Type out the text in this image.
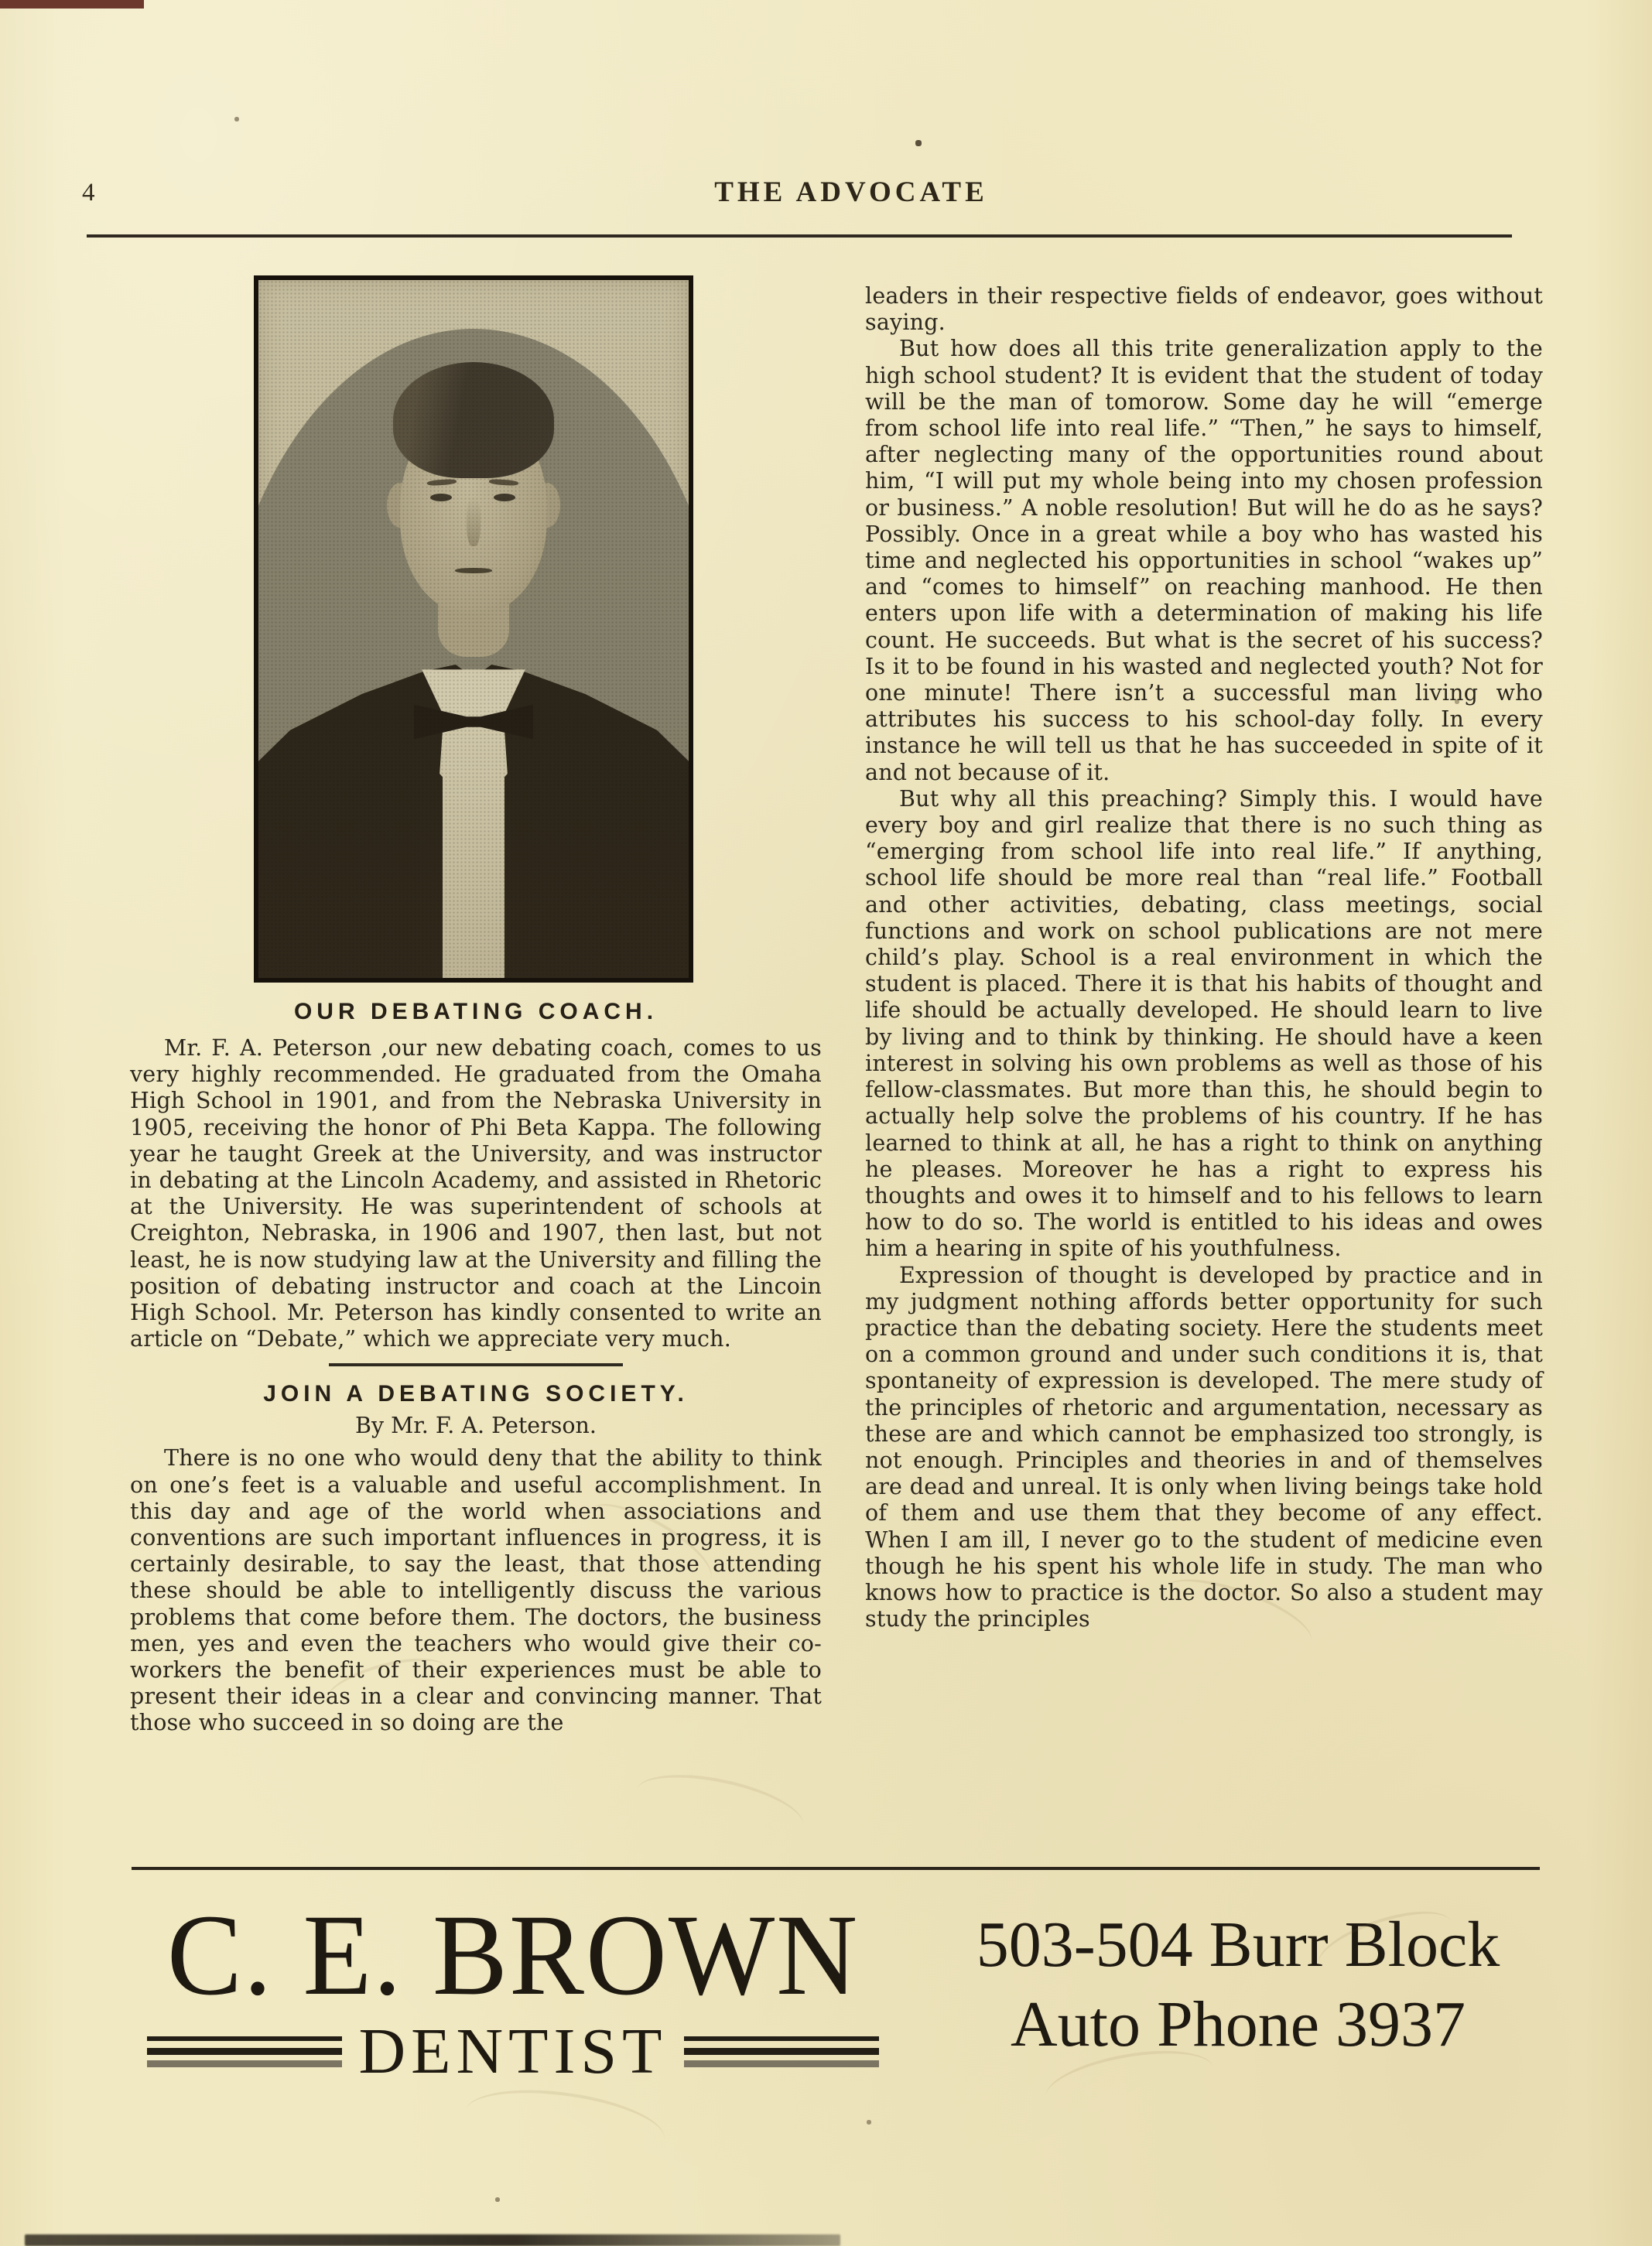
4	THE ADVOCATE
OUR DEBATING COACH.

Mr. F. A. Peterson ,our new debating coach, comes to us very highly recommended. He graduated from the Omaha High School in 1901, and from the Nebraska University in 1905, receiving the honor of Phi Beta Kappa. The following year he taught Greek at the University, and was instructor in debating at the Lincoln Academy, and assisted in Rhetoric at the University. He was superintendent of schools at Creighton, Nebraska, in 1906 and 1907, then last, but not least, he is now studying law at the University and filling the position of debating instructor and coach at the Lincoin High School. Mr. Peterson has kindly consented to write an article on “Debate,” which we appreciate very much.

JOIN A DEBATING SOCIETY.

By Mr. F. A. Peterson.

There is no one who would deny that the ability to think on one’s feet is a valuable and useful accomplishment. In this day and age of the world when associations and conventions are such important influences in progress, it is certainly desirable, to say the least, that those attending these should be able to intelligently discuss the various problems that come before them. The doctors, the business men, yes and even the teachers who would give their co-workers the benefit of their experiences must be able to present their ideas in a clear and convincing manner. That those who succeed in so doing are the

leaders in their respective fields of endeavor, goes without saying.

But how does all this trite generalization apply to the high school student? It is evident that the student of today will be the man of tomorow. Some day he will “emerge from school life into real life.” “Then,” he says to himself, after neglecting many of the opportunities round about him, “I will put my whole being into my chosen profession or business.” A noble resolution! But will he do as he says? Possibly. Once in a great while a boy who has wasted his time and neglected his opportunities in school “wakes up” and “comes to himself” on reaching manhood. He then enters upon life with a determination of making his life count. He succeeds. But what is the secret of his success? Is it to be found in his wasted and neglected youth? Not for one minute! There isn’t a successful man living who attributes his success to his school-day folly. In every instance he will tell us that he has succeeded in spite of it and not because of it.

But why all this preaching? Simply this. I would have every boy and girl realize that there is no such thing as “emerging from school life into real life.” If anything, school life should be more real than “real life.” Football and other activities, debating, class meetings, social functions and work on school publications are not mere child’s play. School is a real environment in which the student is placed. There it is that his habits of thought and life should be actually developed. He should learn to live by living and to think by thinking. He should have a keen interest in solving his own problems as well as those of his fellow-classmates. But more than this, he should begin to actually help solve the problems of his country. If he has learned to think at all, he has a right to think on anything he pleases. Moreover he has a right to express his thoughts and owes it to himself and to his fellows to learn how to do so. The world is entitled to his ideas and owes him a hearing in spite of his youthfulness.

Expression of thought is developed by practice and in my judgment nothing affords better opportunity for such practice than the debating society. Here the students meet on a common ground and under such conditions it is, that spontaneity of expression is developed. The mere study of the principles of rhetoric and argumentation, necessary as these are and which cannot be emphasized too strongly, is not enough. Principles and theories in and of themselves are dead and unreal. It is only when living beings take hold of them and use them that they become of any effect. When I am ill, I never go to the student of medicine even though he his spent his whole life in study. The man who knows how to practice is the doctor. So also a student may study the principles

C. E. BROWN
DENTIST
503-504 Burr Block
Auto Phone 3937
